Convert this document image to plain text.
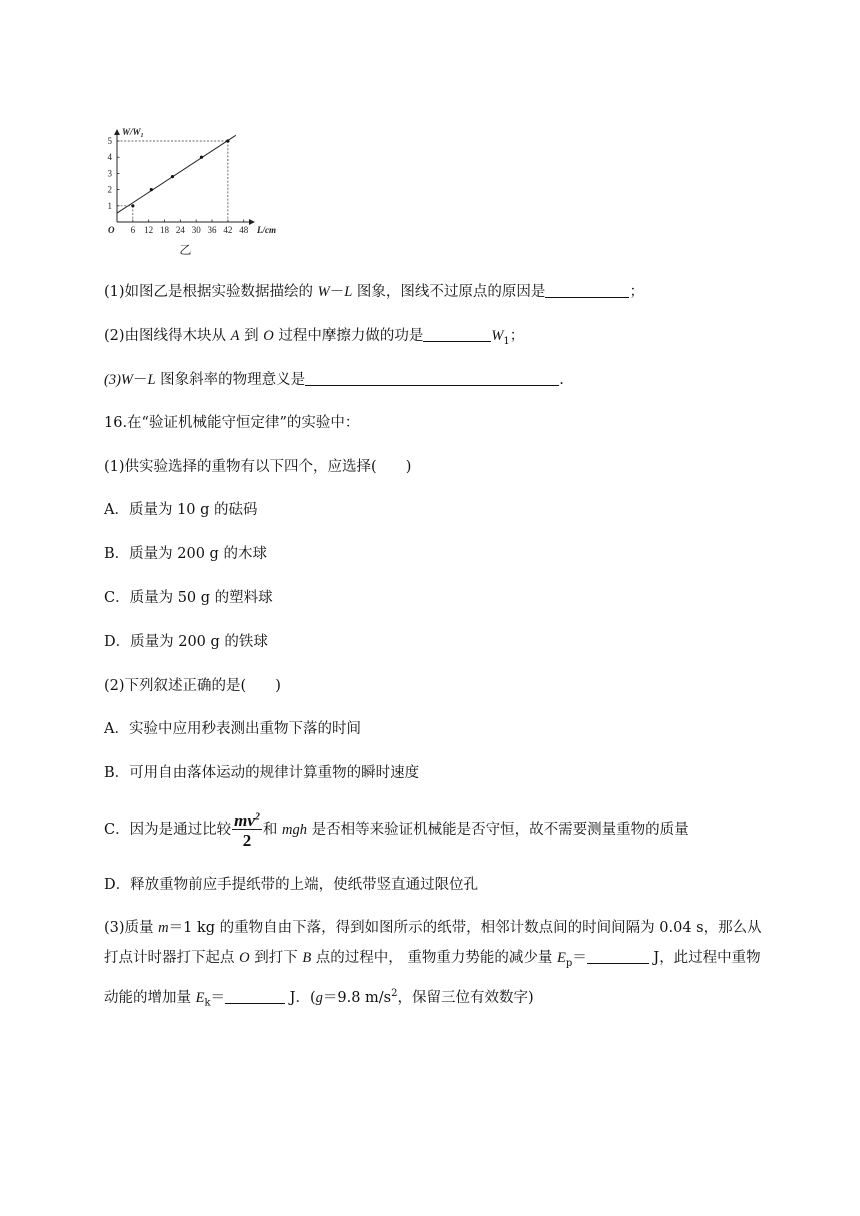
6 12 18 24 30 36 42 48
1
2
3
4
5
O
$W/W_1$
L/cm
乙
(1)如图乙是根据实验数据描绘的 W－L 图象，图线不过原点的原因是	；
(2)由图线得木块从 A 到 O 过程中摩擦力做的功是	$W_1$；
(3)W－L 图象斜率的物理意义是	.
16.在“验证机械能守恒定律”的实验中：
(1)供实验选择的重物有以下四个，应选择(　　)
A．质量为 10 g 的砝码
B．质量为 200 g 的木球
C．质量为 50 g 的塑料球
D．质量为 200 g 的铁球
(2)下列叙述正确的是(　　)
A．实验中应用秒表测出重物下落的时间
B．可用自由落体运动的规律计算重物的瞬时速度
C．因为是通过比较 $\frac{mv^2}{2}$ 和 mgh 是否相等来验证机械能是否守恒，故不需要测量重物的质量
D．释放重物前应手提纸带的上端，使纸带竖直通过限位孔
(3)质量 m＝1 kg 的重物自由下落，得到如图所示的纸带，相邻计数点间的时间间隔为 0.04 s，那么从打点计时器打下起点 O 到打下 B 点的过程中， 重物重力势能的减少量 $E_p=$	J，此过程中重物动能的增加量 $E_k=$	J．(g＝9.8 $m/s^2$，保留三位有效数字)
